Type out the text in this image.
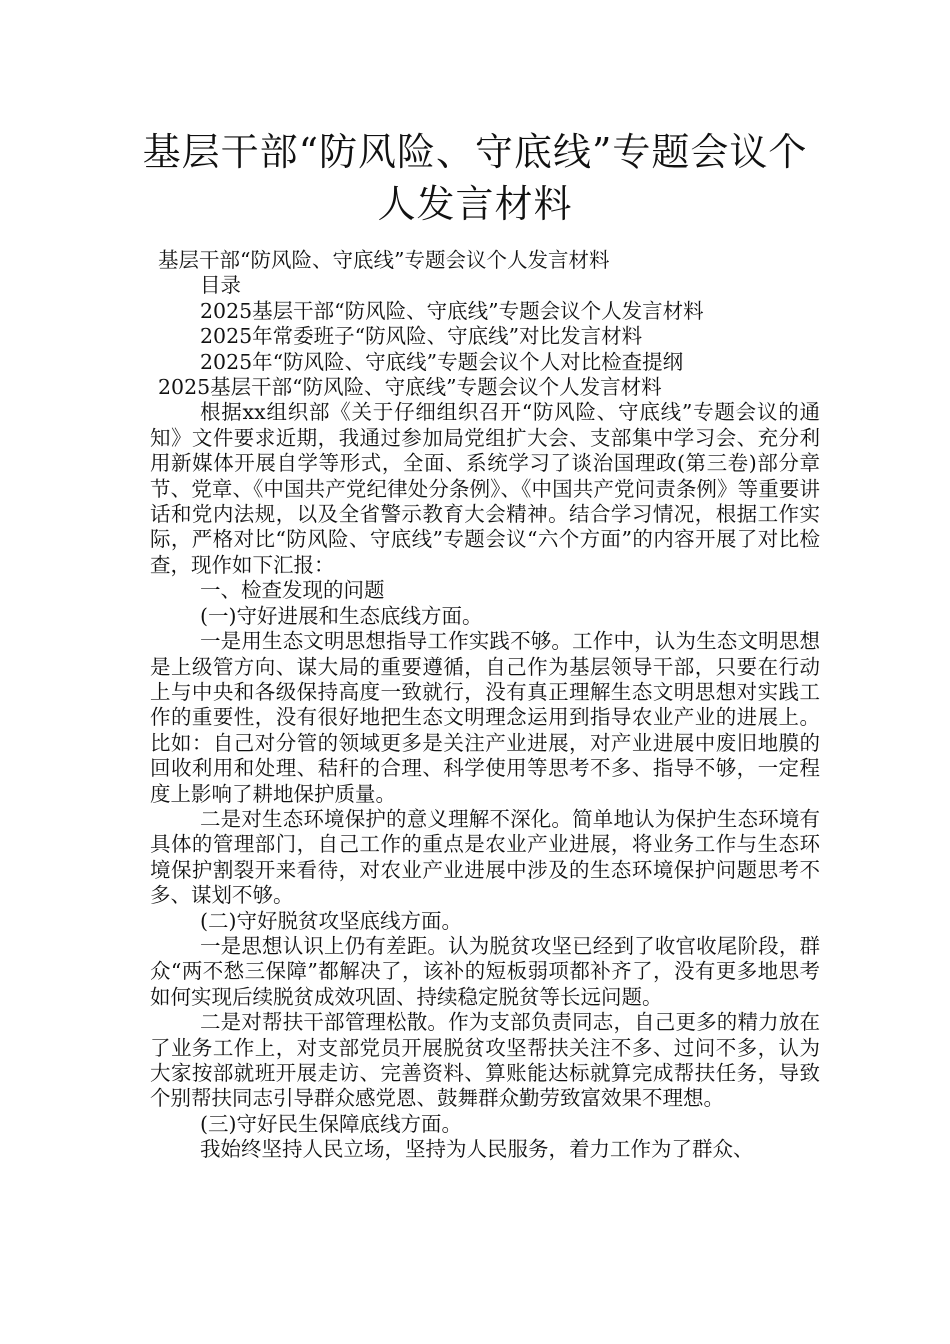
基层干部“防风险、守底线”专题会议个
人发言材料

基层干部“防风险、守底线”专题会议个人发言材料

目录

2025基层干部“防风险、守底线”专题会议个人发言材料

2025年常委班子“防风险、守底线”对比发言材料

2025年“防风险、守底线”专题会议个人对比检查提纲

2025基层干部“防风险、守底线”专题会议个人发言材料

根据xx组织部《关于仔细组织召开“防风险、守底线”专题会议的通知》文件要求近期，我通过参加局党组扩大会、支部集中学习会、充分利用新媒体开展自学等形式，全面、系统学习了谈治国理政(第三卷)部分章节、党章、《中国共产党纪律处分条例》、《中国共产党问责条例》等重要讲话和党内法规，以及全省警示教育大会精神。结合学习情况，根据工作实际，严格对比“防风险、守底线”专题会议“六个方面”的内容开展了对比检查，现作如下汇报：

一、检查发现的问题

(一)守好进展和生态底线方面。

一是用生态文明思想指导工作实践不够。工作中，认为生态文明思想是上级管方向、谋大局的重要遵循，自己作为基层领导干部，只要在行动上与中央和各级保持高度一致就行，没有真正理解生态文明思想对实践工作的重要性，没有很好地把生态文明理念运用到指导农业产业的进展上。比如：自己对分管的领域更多是关注产业进展，对产业进展中废旧地膜的回收利用和处理、秸秆的合理、科学使用等思考不多、指导不够，一定程度上影响了耕地保护质量。

二是对生态环境保护的意义理解不深化。简单地认为保护生态环境有具体的管理部门，自己工作的重点是农业产业进展，将业务工作与生态环境保护割裂开来看待，对农业产业进展中涉及的生态环境保护问题思考不多、谋划不够。

(二)守好脱贫攻坚底线方面。

一是思想认识上仍有差距。认为脱贫攻坚已经到了收官收尾阶段，群众“两不愁三保障”都解决了，该补的短板弱项都补齐了，没有更多地思考如何实现后续脱贫成效巩固、持续稳定脱贫等长远问题。

二是对帮扶干部管理松散。作为支部负责同志，自己更多的精力放在了业务工作上，对支部党员开展脱贫攻坚帮扶关注不多、过问不多，认为大家按部就班开展走访、完善资料、算账能达标就算完成帮扶任务，导致个别帮扶同志引导群众感党恩、鼓舞群众勤劳致富效果不理想。

(三)守好民生保障底线方面。

我始终坚持人民立场，坚持为人民服务，着力工作为了群众、
